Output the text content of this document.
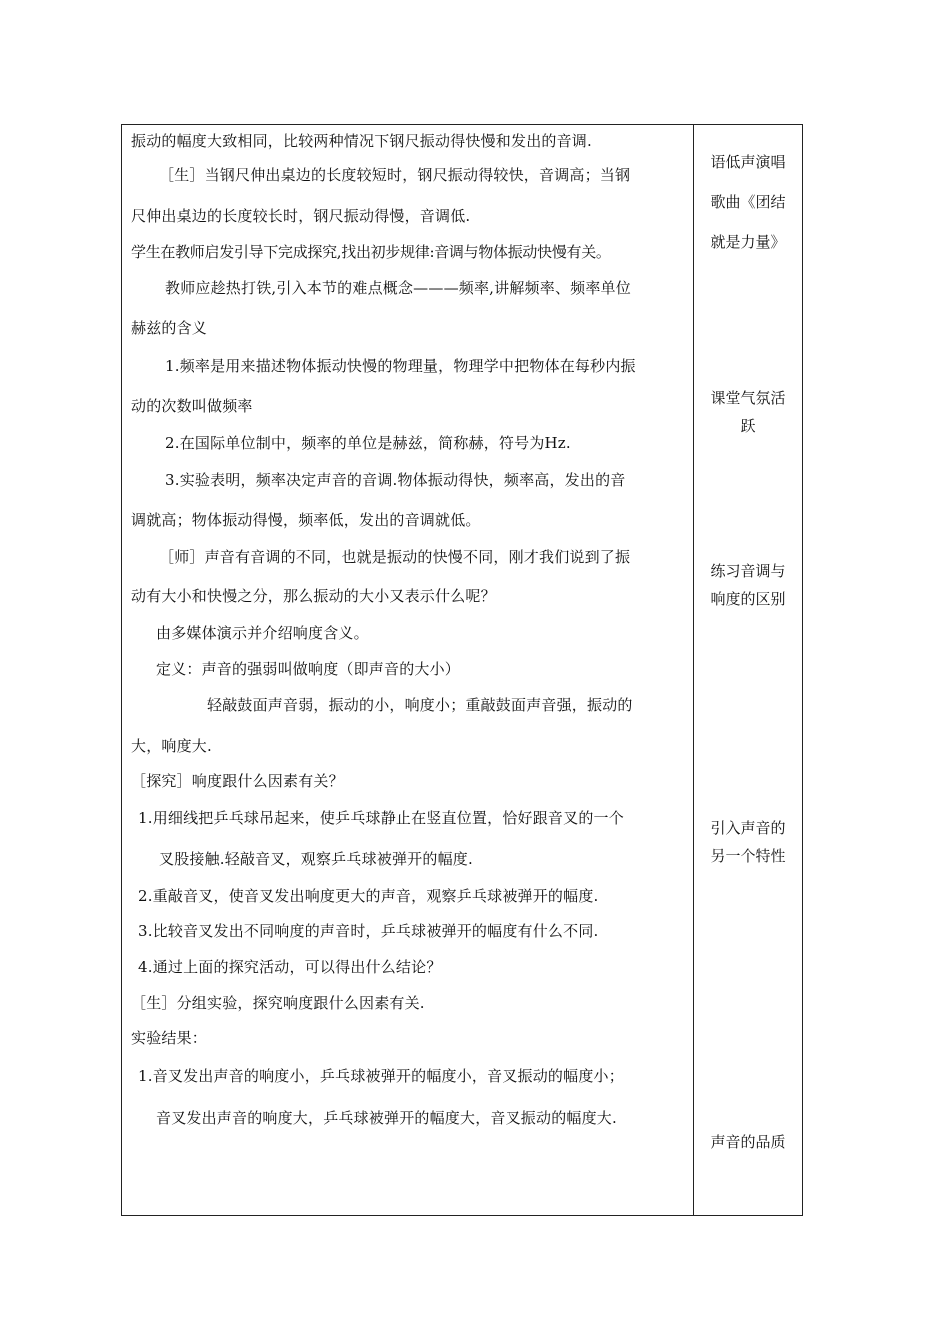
振动的幅度大致相同，比较两种情况下钢尺振动得快慢和发出的音调.
［生］当钢尺伸出桌边的长度较短时，钢尺振动得较快，音调高；当钢
尺伸出桌边的长度较长时，钢尺振动得慢，音调低.
学生在教师启发引导下完成探究,找出初步规律:音调与物体振动快慢有关。
教师应趁热打铁,引入本节的难点概念———频率,讲解频率、频率单位
赫兹的含义
1.频率是用来描述物体振动快慢的物理量，物理学中把物体在每秒内振
动的次数叫做频率
2.在国际单位制中，频率的单位是赫兹，简称赫，符号为Hz.
3.实验表明，频率决定声音的音调.物体振动得快，频率高，发出的音
调就高；物体振动得慢，频率低，发出的音调就低。
［师］声音有音调的不同，也就是振动的快慢不同，刚才我们说到了振
动有大小和快慢之分，那么振动的大小又表示什么呢？
由多媒体演示并介绍响度含义。
定义：声音的强弱叫做响度（即声音的大小）
轻敲鼓面声音弱，振动的小，响度小；重敲鼓面声音强，振动的
大，响度大.
［探究］响度跟什么因素有关？
1.用细线把乒乓球吊起来，使乒乓球静止在竖直位置，恰好跟音叉的一个
叉股接触.轻敲音叉，观察乒乓球被弹开的幅度.
2.重敲音叉，使音叉发出响度更大的声音，观察乒乓球被弹开的幅度.
3.比较音叉发出不同响度的声音时，乒乓球被弹开的幅度有什么不同.
4.通过上面的探究活动，可以得出什么结论？
［生］分组实验，探究响度跟什么因素有关.
实验结果：
1.音叉发出声音的响度小，乒乓球被弹开的幅度小，音叉振动的幅度小；
音叉发出声音的响度大，乒乓球被弹开的幅度大，音叉振动的幅度大.
语低声演唱
歌曲《团结
就是力量》
课堂气氛活
跃
练习音调与
响度的区别
引入声音的
另一个特性
声音的品质
